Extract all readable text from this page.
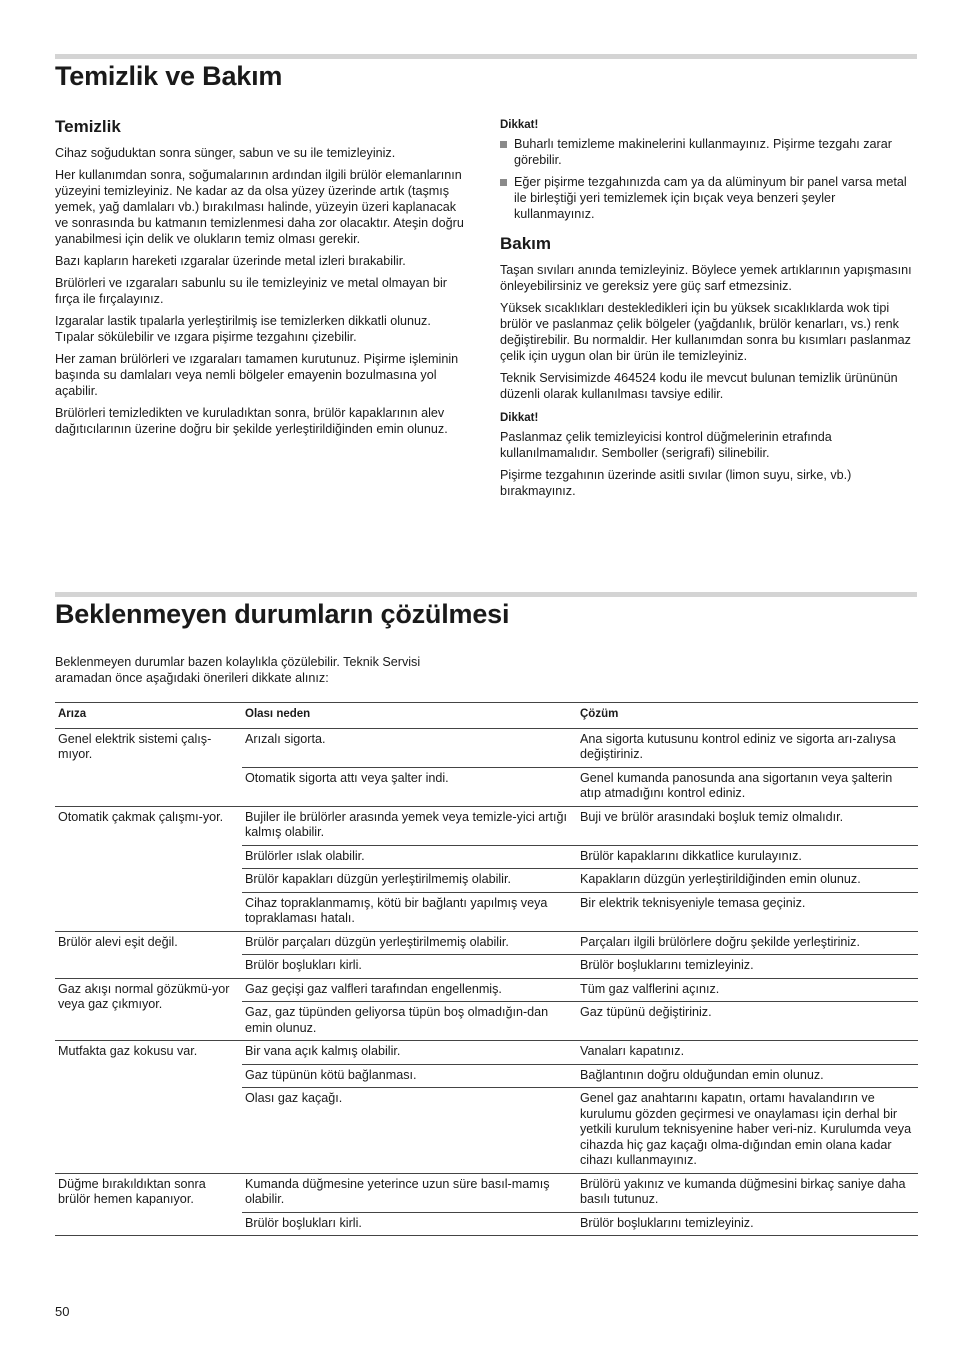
Temizlik ve Bakım
Temizlik

Cihaz soğuduktan sonra sünger, sabun ve su ile temizleyiniz.

Her kullanımdan sonra, soğumalarının ardından ilgili brülör elemanlarının yüzeyini temizleyiniz. Ne kadar az da olsa yüzey üzerinde artık (taşmış yemek, yağ damlaları vb.) bırakılması halinde, yüzeyin üzeri kaplanacak ve sonrasında bu katmanın temizlenmesi daha zor olacaktır. Ateşin doğru yanabilmesi için delik ve olukların temiz olması gerekir.

Bazı kapların hareketi ızgaralar üzerinde metal izleri bırakabilir.

Brülörleri ve ızgaraları sabunlu su ile temizleyiniz ve metal olmayan bir fırça ile fırçalayınız.

Izgaralar lastik tıpalarla yerleştirilmiş ise temizlerken dikkatli olunuz. Tıpalar sökülebilir ve ızgara pişirme tezgahını çizebilir.

Her zaman brülörleri ve ızgaraları tamamen kurutunuz. Pişirme işleminin başında su damlaları veya nemli bölgeler emayenin bozulmasına yol açabilir.

Brülörleri temizledikten ve kuruladıktan sonra, brülör kapaklarının alev dağıtıcılarının üzerine doğru bir şekilde yerleştirildiğinden emin olunuz.

Dikkat!

Buharlı temizleme makinelerini kullanmayınız. Pişirme tezgahı zarar görebilir.
Eğer pişirme tezgahınızda cam ya da alüminyum bir panel varsa metal ile birleştiği yeri temizlemek için bıçak veya benzeri şeyler kullanmayınız.
Bakım

Taşan sıvıları anında temizleyiniz. Böylece yemek artıklarının yapışmasını önleyebilirsiniz ve gereksiz yere güç sarf etmezsiniz.

Yüksek sıcaklıkları destekledikleri için bu yüksek sıcaklıklarda wok tipi brülör ve paslanmaz çelik bölgeler (yağdanlık, brülör kenarları, vs.) renk değiştirebilir. Bu normaldir. Her kullanımdan sonra bu kısımları paslanmaz çelik için uygun olan bir ürün ile temizleyiniz.

Teknik Servisimizde 464524 kodu ile mevcut bulunan temizlik ürününün düzenli olarak kullanılması tavsiye edilir.

Dikkat!

Paslanmaz çelik temizleyicisi kontrol düğmelerinin etrafında kullanılmamalıdır. Semboller (serigrafi) silinebilir.

Pişirme tezgahının üzerinde asitli sıvılar (limon suyu, sirke, vb.) bırakmayınız.

Beklenmeyen durumların çözülmesi

Beklenmeyen durumlar bazen kolaylıkla çözülebilir. Teknik Servisi aramadan önce aşağıdaki önerileri dikkate alınız:

Arıza	Olası neden	Çözüm
Genel elektrik sistemi çalış-mıyor.	Arızalı sigorta.	Ana sigorta kutusunu kontrol ediniz ve sigorta arı-zalıysa değiştiriniz.
	Otomatik sigorta attı veya şalter indi.	Genel kumanda panosunda ana sigortanın veya şalterin atıp atmadığını kontrol ediniz.
Otomatik çakmak çalışmı-yor.	Bujiler ile brülörler arasında yemek veya temizle-yici artığı kalmış olabilir.	Buji ve brülör arasındaki boşluk temiz olmalıdır.
	Brülörler ıslak olabilir.	Brülör kapaklarını dikkatlice kurulayınız.
	Brülör kapakları düzgün yerleştirilmemiş olabilir.	Kapakların düzgün yerleştirildiğinden emin olunuz.
	Cihaz topraklanmamış, kötü bir bağlantı yapılmış veya topraklaması hatalı.	Bir elektrik teknisyeniyle temasa geçiniz.
Brülör alevi eşit değil.	Brülör parçaları düzgün yerleştirilmemiş olabilir.	Parçaları ilgili brülörlere doğru şekilde yerleştiriniz.
	Brülör boşlukları kirli.	Brülör boşluklarını temizleyiniz.
Gaz akışı normal gözükmü-yor veya gaz çıkmıyor.	Gaz geçişi gaz valfleri tarafından engellenmiş.	Tüm gaz valflerini açınız.
	Gaz, gaz tüpünden geliyorsa tüpün boş olmadığın-dan emin olunuz.	Gaz tüpünü değiştiriniz.
Mutfakta gaz kokusu var.	Bir vana açık kalmış olabilir.	Vanaları kapatınız.
	Gaz tüpünün kötü bağlanması.	Bağlantının doğru olduğundan emin olunuz.
	Olası gaz kaçağı.	Genel gaz anahtarını kapatın, ortamı havalandırın ve kurulumu gözden geçirmesi ve onaylaması için derhal bir yetkili kurulum teknisyenine haber veri-niz. Kurulumda veya cihazda hiç gaz kaçağı olma-dığından emin olana kadar cihazı kullanmayınız.
Düğme bırakıldıktan sonra brülör hemen kapanıyor.	Kumanda düğmesine yeterince uzun süre basıl-mamış olabilir.	Brülörü yakınız ve kumanda düğmesini birkaç saniye daha basılı tutunuz.
	Brülör boşlukları kirli.	Brülör boşluklarını temizleyiniz.
50
